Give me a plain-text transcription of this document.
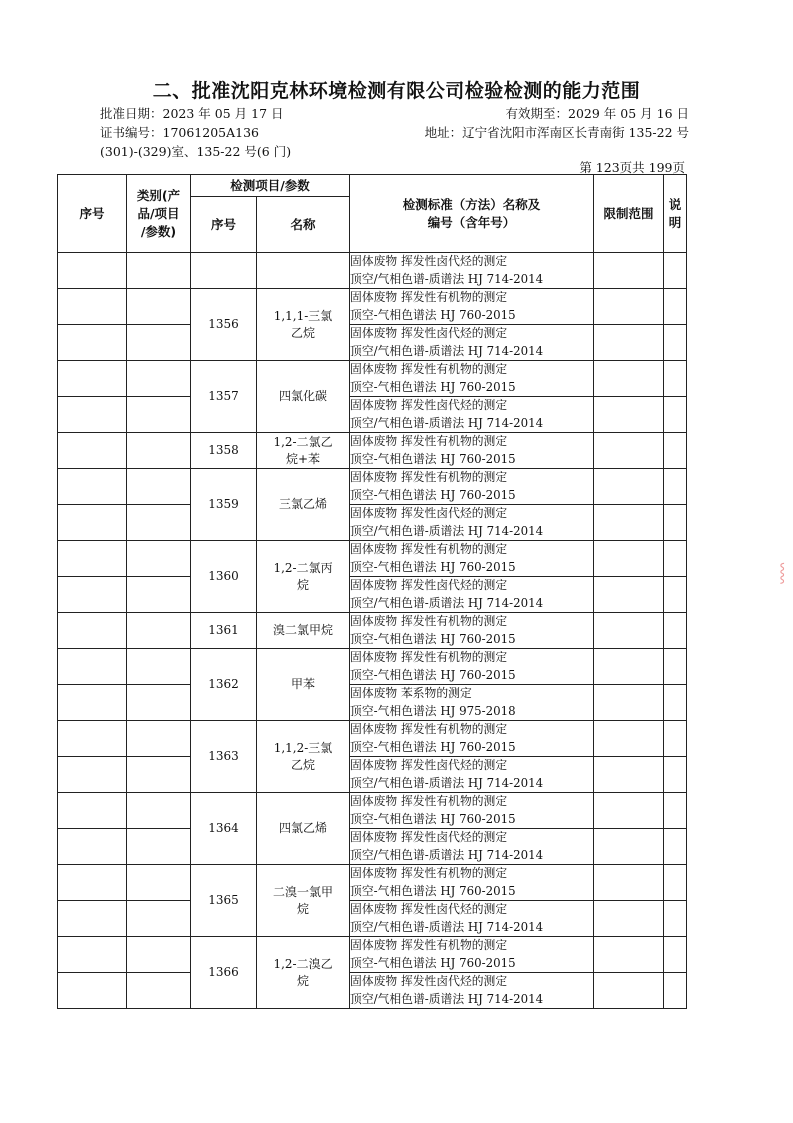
二、批准沈阳克林环境检测有限公司检验检测的能力范围
批准日期：2023 年 05 月 17 日	有效期至：2029 年 05 月 16 日
证书编号：17061205A136	地址：辽宁省沈阳市浑南区长青南街 135-22 号
(301)-(329)室、135-22 号(6 门)
第 123页共 199页
序号	类别(产
品/项目
/参数)	检测项目/参数		检测标准（方法）名称及
编号（含年号）	限制范围	说明
		序号	名称			

				固体废物 挥发性卤代烃的测定
顶空/气相色谱-质谱法 HJ 714-2014		

		1356	1,1,1-三氯
乙烷	固体废物 挥发性有机物的测定
顶空-气相色谱法 HJ 760-2015		

				固体废物 挥发性卤代烃的测定
顶空/气相色谱-质谱法 HJ 714-2014		

		1357	四氯化碳	固体废物 挥发性有机物的测定
顶空-气相色谱法 HJ 760-2015		

				固体废物 挥发性卤代烃的测定
顶空/气相色谱-质谱法 HJ 714-2014		

		1358	1,2-二氯乙
烷+苯	固体废物 挥发性有机物的测定
顶空-气相色谱法 HJ 760-2015		

		1359	三氯乙烯	固体废物 挥发性有机物的测定
顶空-气相色谱法 HJ 760-2015		

				固体废物 挥发性卤代烃的测定
顶空/气相色谱-质谱法 HJ 714-2014		

		1360	1,2-二氯丙
烷	固体废物 挥发性有机物的测定
顶空-气相色谱法 HJ 760-2015		

				固体废物 挥发性卤代烃的测定
顶空/气相色谱-质谱法 HJ 714-2014		

		1361	溴二氯甲烷	固体废物 挥发性有机物的测定
顶空-气相色谱法 HJ 760-2015		

		1362	甲苯	固体废物 挥发性有机物的测定
顶空-气相色谱法 HJ 760-2015		

				固体废物 苯系物的测定
顶空-气相色谱法 HJ 975-2018		

		1363	1,1,2-三氯
乙烷	固体废物 挥发性有机物的测定
顶空-气相色谱法 HJ 760-2015		

				固体废物 挥发性卤代烃的测定
顶空/气相色谱-质谱法 HJ 714-2014		

		1364	四氯乙烯	固体废物 挥发性有机物的测定
顶空-气相色谱法 HJ 760-2015		

				固体废物 挥发性卤代烃的测定
顶空/气相色谱-质谱法 HJ 714-2014		

		1365	二溴一氯甲
烷	固体废物 挥发性有机物的测定
顶空-气相色谱法 HJ 760-2015		

				固体废物 挥发性卤代烃的测定
顶空/气相色谱-质谱法 HJ 714-2014		

		1366	1,2-二溴乙
烷	固体废物 挥发性有机物的测定
顶空-气相色谱法 HJ 760-2015		

				固体废物 挥发性卤代烃的测定
顶空/气相色谱-质谱法 HJ 714-2014		

⸾
